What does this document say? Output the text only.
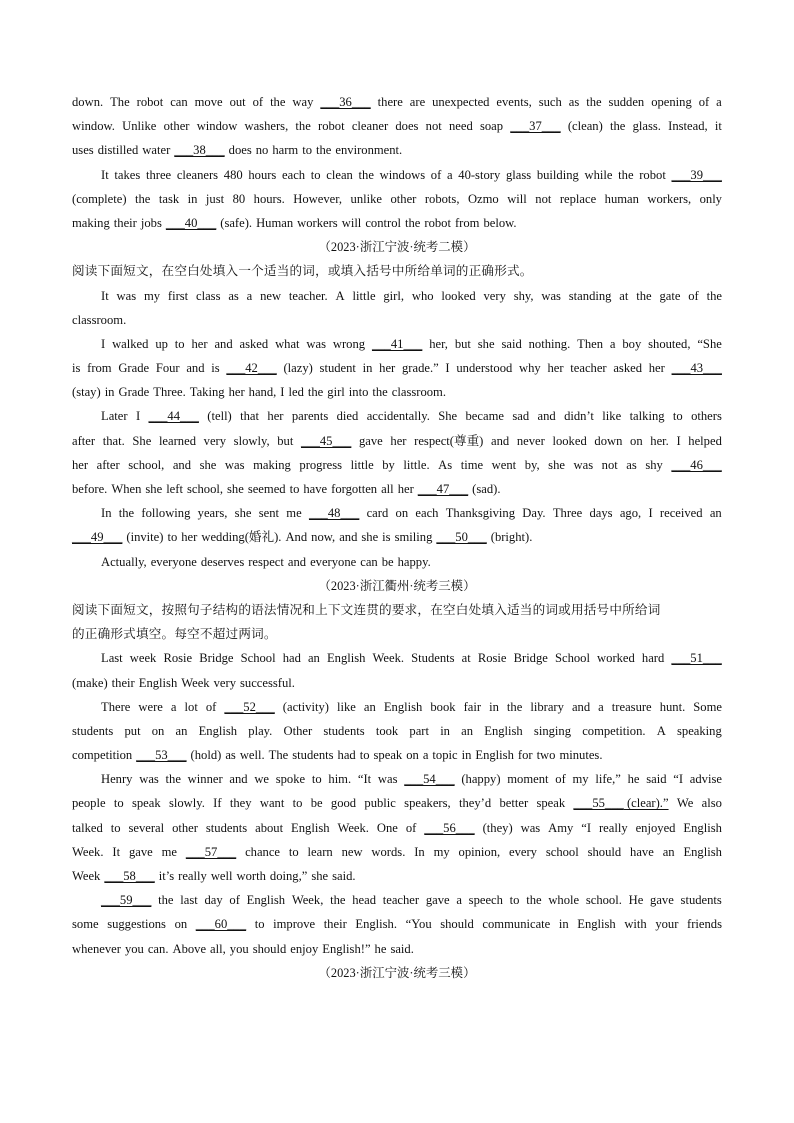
down. The robot can move out of the way ___36___ there are unexpected events, such as the sudden opening of a
window. Unlike other window washers, the robot cleaner does not need soap ___37___ (clean) the glass. Instead, it
uses distilled water ___38___ does no harm to the environment.
It takes three cleaners 480 hours each to clean the windows of a 40-story glass building while the robot ___39___
(complete) the task in just 80 hours. However, unlike other robots, Ozmo will not replace human workers, only
making their jobs ___40___ (safe). Human workers will control the robot from below.
（2023·浙江宁波·统考二模）
阅读下面短文，在空白处填入一个适当的词，或填入括号中所给单词的正确形式。
It was my first class as a new teacher. A little girl, who looked very shy, was standing at the gate of the
classroom.
I walked up to her and asked what was wrong ___41___ her, but she said nothing. Then a boy shouted, “She
is from Grade Four and is ___42___ (lazy) student in her grade.” I understood why her teacher asked her ___43___
(stay) in Grade Three. Taking her hand, I led the girl into the classroom.
Later I ___44___ (tell) that her parents died accidentally. She became sad and didn’t like talking to others
after that. She learned very slowly, but ___45___ gave her respect(尊重) and never looked down on her. I helped
her after school, and she was making progress little by little. As time went by, she was not as shy ___46___
before. When she left school, she seemed to have forgotten all her ___47___ (sad).
In the following years, she sent me ___48___ card on each Thanksgiving Day. Three days ago, I received an
___49___ (invite) to her wedding(婚礼). And now, and she is smiling ___50___ (bright).
Actually, everyone deserves respect and everyone can be happy.
（2023·浙江衢州·统考三模）
阅读下面短文，按照句子结构的语法情况和上下文连贯的要求，在空白处填入适当的词或用括号中所给词
的正确形式填空。每空不超过两词。
Last week Rosie Bridge School had an English Week. Students at Rosie Bridge School worked hard ___51___
(make) their English Week very successful.
There were a lot of ___52___ (activity) like an English book fair in the library and a treasure hunt. Some
students put on an English play. Other students took part in an English singing competition. A speaking
competition ___53___ (hold) as well. The students had to speak on a topic in English for two minutes.
Henry was the winner and we spoke to him. “It was ___54___ (happy) moment of my life,” he said “I advise
people to speak slowly. If they want to be good public speakers, they’d better speak ___55___ (clear).” We also
talked to several other students about English Week. One of ___56___ (they) was Amy “I really enjoyed English
Week. It gave me ___57___ chance to learn new words. In my opinion, every school should have an English
Week ___58___ it’s really well worth doing,” she said.
___59___ the last day of English Week, the head teacher gave a speech to the whole school. He gave students
some suggestions on ___60___ to improve their English. “You should communicate in English with your friends
whenever you can. Above all, you should enjoy English!” he said.
（2023·浙江宁波·统考三模）
